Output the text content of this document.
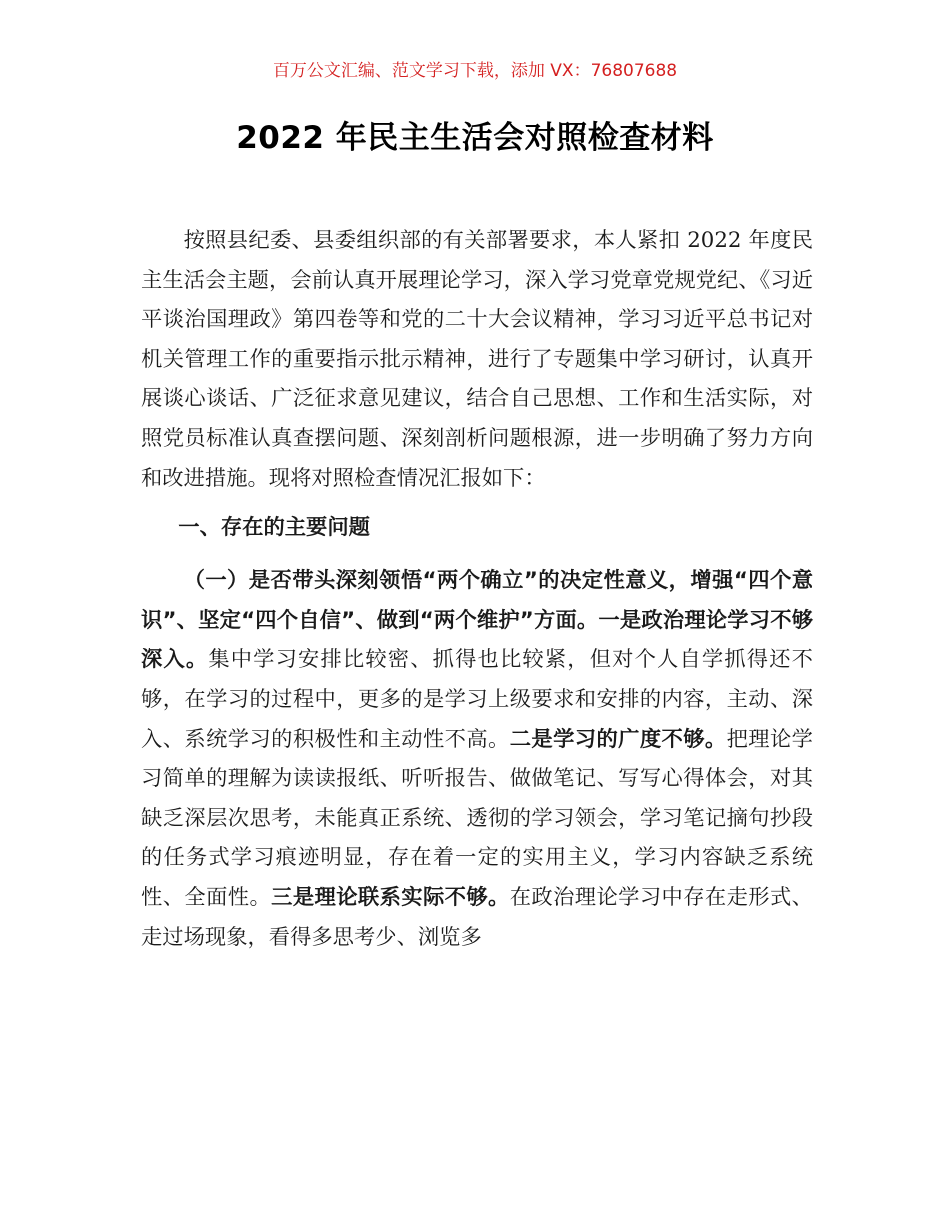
百万公文汇编、范文学习下载，添加 VX：76807688
2022 年民主生活会对照检查材料

按照县纪委、县委组织部的有关部署要求，本人紧扣 2022 年度民主生活会主题，会前认真开展理论学习，深入学习党章党规党纪、《习近平谈治国理政》第四卷等和党的二十大会议精神，学习习近平总书记对机关管理工作的重要指示批示精神，进行了专题集中学习研讨，认真开展谈心谈话、广泛征求意见建议，结合自己思想、工作和生活实际，对照党员标准认真查摆问题、深刻剖析问题根源，进一步明确了努力方向和改进措施。现将对照检查情况汇报如下：

一、存在的主要问题

（一）是否带头深刻领悟“两个确立”的决定性意义，增强“四个意识”、坚定“四个自信”、做到“两个维护”方面。一是政治理论学习不够深入。集中学习安排比较密、抓得也比较紧，但对个人自学抓得还不够，在学习的过程中，更多的是学习上级要求和安排的内容，主动、深入、系统学习的积极性和主动性不高。二是学习的广度不够。把理论学习简单的理解为读读报纸、听听报告、做做笔记、写写心得体会，对其缺乏深层次思考，未能真正系统、透彻的学习领会，学习笔记摘句抄段的任务式学习痕迹明显，存在着一定的实用主义，学习内容缺乏系统性、全面性。三是理论联系实际不够。在政治理论学习中存在走形式、走过场现象，看得多思考少、浏览多
